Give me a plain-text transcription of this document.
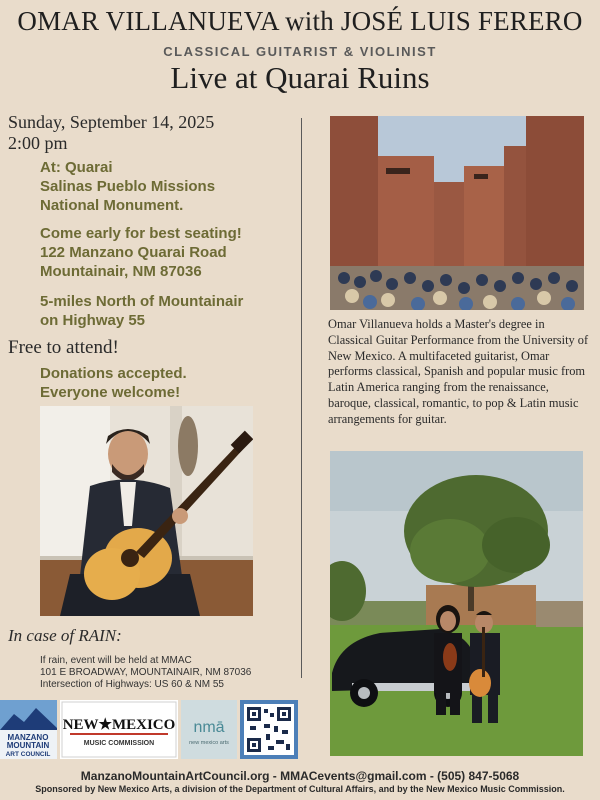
OMAR VILLANUEVA with JOSÉ LUIS FERERO
CLASSICAL GUITARIST & VIOLINIST
Live at Quarai Ruins
Sunday, September 14, 2025
2:00 pm
At: Quarai
Salinas Pueblo Missions
National Monument.
Come early for best seating!
122 Manzano Quarai Road
Mountainair, NM 87036
5-miles North of Mountainair
on Highway 55
Free to attend!
Donations accepted.
Everyone welcome!
In case of RAIN:
If rain, event will be held at MMAC
101 E BROADWAY, MOUNTAINAIR, NM 87036
Intersection of Highways: US 60 & NM 55
Omar Villanueva holds a Master's degree in Classical Guitar Performance from the University of New Mexico. A multifaceted guitarist, Omar performs classical, Spanish and popular music from Latin America ranging from the renaissance, baroque, classical, romantic, to pop & Latin music arrangements for guitar.
MANZANO
MOUNTAIN
ART COUNCIL
NEW★MEXICO
MUSIC COMMISSION
nmā
new mexico arts
ManzanoMountainArtCouncil.org - MMACevents@gmail.com - (505) 847-5068
Sponsored by New Mexico Arts, a division of the Department of Cultural Affairs, and by the New Mexico Music Commission.
